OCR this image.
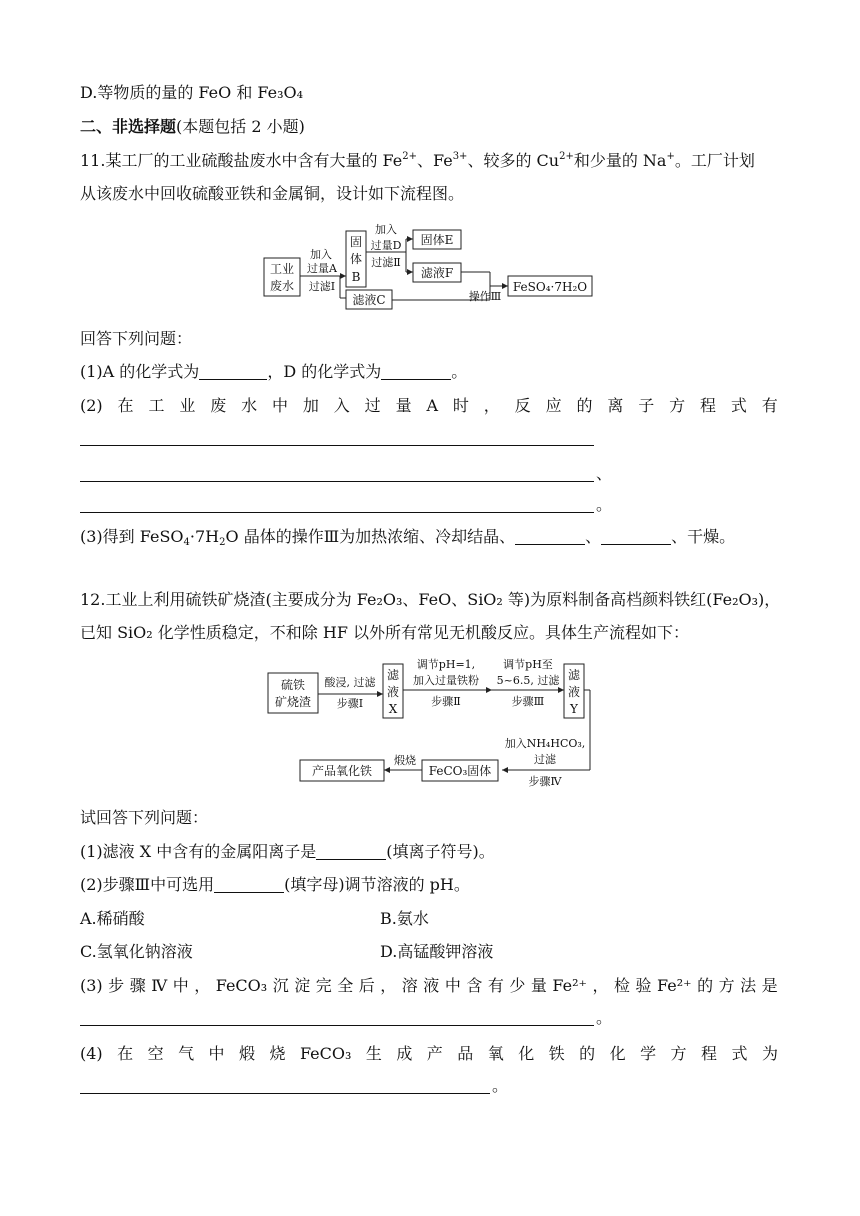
D.等物质的量的 FeO 和 Fe₃O₄
二、非选择题(本题包括 2 小题)
11.某工厂的工业硫酸盐废水中含有大量的 $Fe^{2+}$、$Fe^{3+}$、较多的 $Cu^{2+}$和少量的 Na+。工厂计划
从该废水中回收硫酸亚铁和金属铜，设计如下流程图。
工业
废水
加入
过量A
过滤Ⅰ
固
体
B
加入
过量D
过滤Ⅱ
固体E
滤液F
滤液C	操作Ⅲ
FeSO₄·7H₂O
回答下列问题：
(1)A 的化学式为	，D 的化学式为	。
(2) 在 工 业 废 水 中 加 入 过 量 A 时 ， 反 应 的 离 子 方 程 式 有
、
。
(3)得到 $FeSO_4\cdot 7H_2O$ 晶体的操作Ⅲ为加热浓缩、冷却结晶、	、	、干燥。
12.工业上利用硫铁矿烧渣(主要成分为 Fe₂O₃、FeO、SiO₂ 等)为原料制备高档颜料铁红(Fe₂O₃)，
已知 SiO₂ 化学性质稳定，不和除 HF 以外所有常见无机酸反应。具体生产流程如下：
硫铁
矿烧渣
酸浸, 过滤
步骤Ⅰ
滤
液
X
调节pH=1,
加入过量铁粉
步骤Ⅱ
调节pH至
5~6.5, 过滤
步骤Ⅲ
滤
液
Y
加入NH₄HCO₃,
过滤
步骤Ⅳ
FeCO₃固体
煅烧
产品氧化铁
试回答下列问题：
(1)滤液 X 中含有的金属阳离子是	(填离子符号)。
(2)步骤Ⅲ中可选用	(填字母)调节溶液的 pH。
A.稀硝酸	B.氨水
C.氢氧化钠溶液	D.高锰酸钾溶液
(3) 步 骤 Ⅳ 中 ， FeCO₃ 沉 淀 完 全 后 ， 溶 液 中 含 有 少 量 Fe²⁺ ， 检 验 Fe²⁺ 的 方 法 是
。
(4) 在 空 气 中 煅 烧 FeCO₃ 生 成 产 品 氧 化 铁 的 化 学 方 程 式 为
。
